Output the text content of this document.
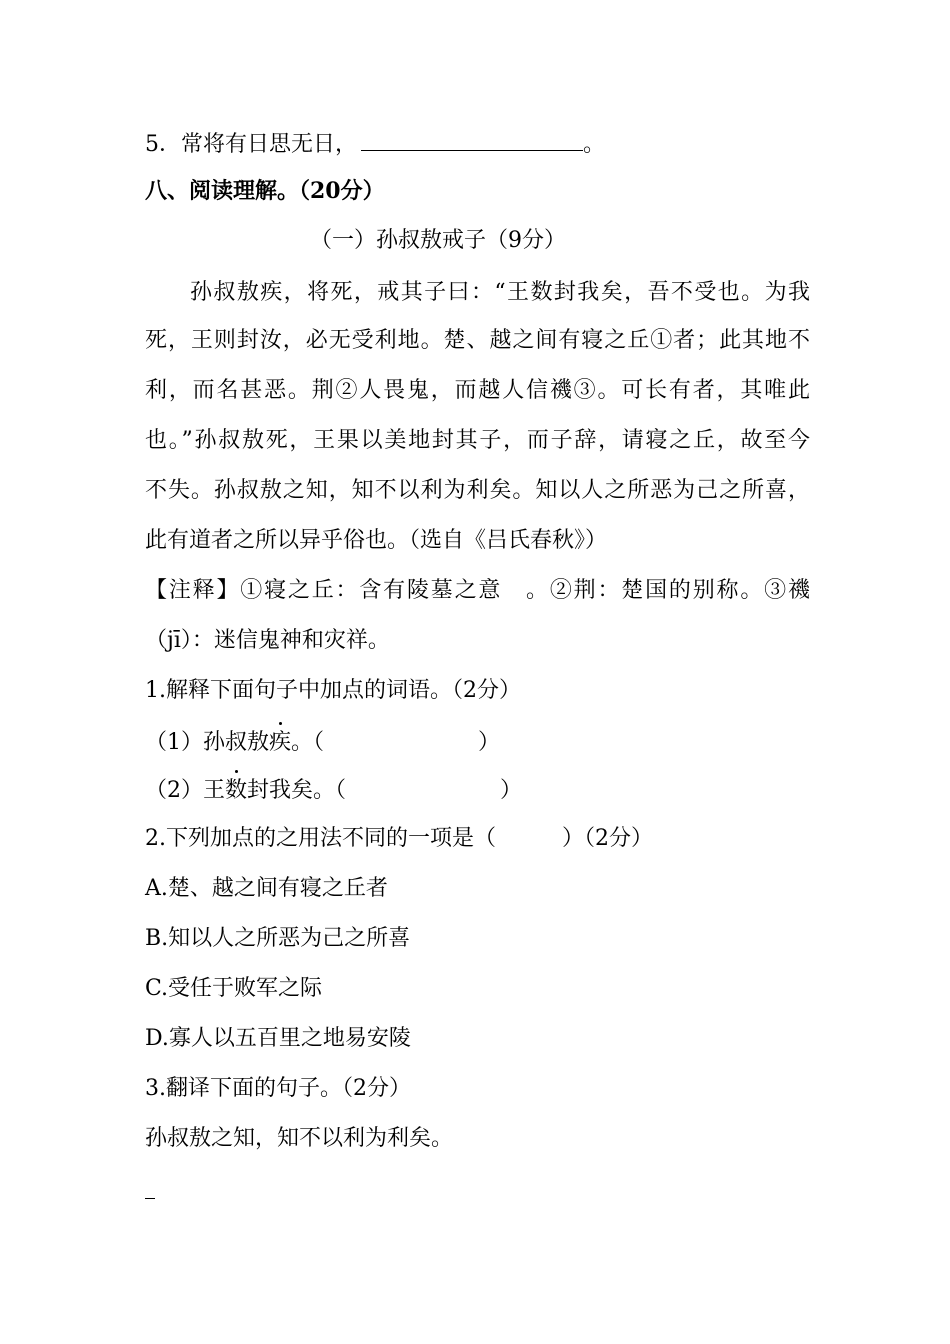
5．常将有日思无日，	。
八、阅读理解。（20分）
（一）孙叔敖戒子（9分）
孙叔敖疾，将死，戒其子曰：“王数封我矣，吾不受也。为我
死，王则封汝，必无受利地。楚、越之间有寝之丘①者；此其地不
利，而名甚恶。荆②人畏鬼，而越人信禨③。可长有者，其唯此
也。”孙叔敖死，王果以美地封其子，而子辞，请寝之丘，故至今
不失。孙叔敖之知，知不以利为利矣。知以人之所恶为己之所喜，
此有道者之所以异乎俗也。（选自《吕氏春秋》）
【注释】①寝之丘：含有陵墓之意　。②荆：楚国的别称。③禨
（jī）：迷信鬼神和灾祥。
1.解释下面句子中加点的词语。（2分）
（1）孙叔敖疾。（　　　　　　　）
（2）王数封我矣。（　　　　　　　）
2.下列加点的之用法不同的一项是（　　　）（2分）
A.楚、越之间有寝之丘者
B.知以人之所恶为己之所喜
C.受任于败军之际
D.寡人以五百里之地易安陵
3.翻译下面的句子。（2分）
孙叔敖之知，知不以利为利矣。
